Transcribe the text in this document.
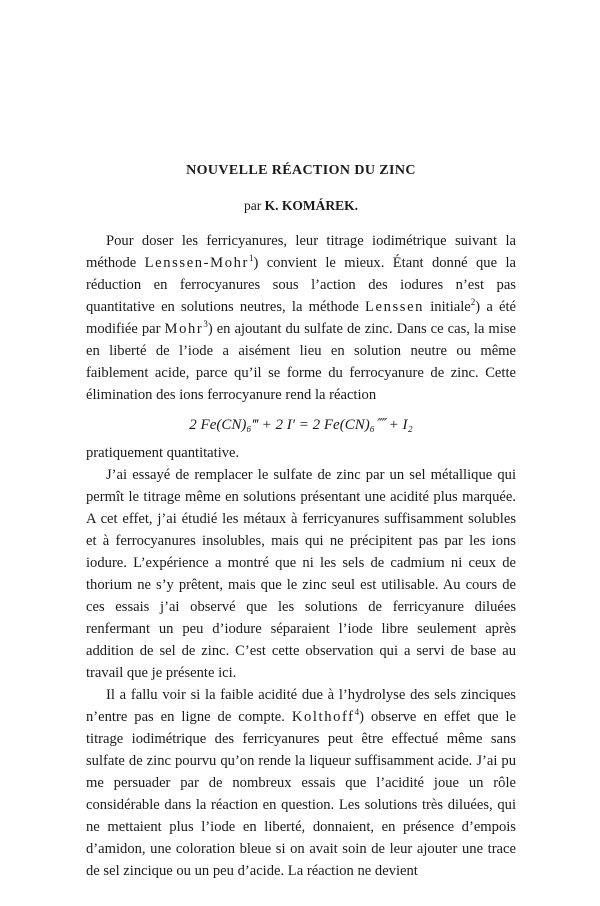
NOUVELLE RÉACTION DU ZINC
par K. KOMÁREK.

Pour doser les ferricyanures, leur titrage iodimétrique suivant la méthode Lenssen-Mohr$^1$) convient le mieux. Étant donné que la réduction en ferrocyanures sous l’action des iodures n’est pas quantitative en solutions neutres, la méthode Lenssen initiale$^2$) a été modifiée par Mohr$^3$) en ajoutant du sulfate de zinc. Dans ce cas, la mise en liberté de l’iode a aisément lieu en solution neutre ou même faiblement acide, parce qu’il se forme du ferrocyanure de zinc. Cette élimination des ions ferrocyanure rend la réaction

2 Fe(CN)₆‴ + 2 I′ = 2 Fe(CN)₆⁗ + I₂

pratiquement quantitative.

J’ai essayé de remplacer le sulfate de zinc par un sel métallique qui permît le titrage même en solutions présentant une acidité plus marquée. A cet effet, j’ai étudié les métaux à ferricyanures suffisamment solubles et à ferrocyanures insolubles, mais qui ne précipitent pas par les ions iodure. L’expérience a montré que ni les sels de cadmium ni ceux de thorium ne s’y prêtent, mais que le zinc seul est utilisable. Au cours de ces essais j’ai observé que les solutions de ferricyanure diluées renfermant un peu d’iodure séparaient l’iode libre seulement après addition de sel de zinc. C’est cette observation qui a servi de base au travail que je présente ici.

Il a fallu voir si la faible acidité due à l’hydrolyse des sels zinciques n’entre pas en ligne de compte. Kolthoff$^4$) observe en effet que le titrage iodimétrique des ferricyanures peut être effectué même sans sulfate de zinc pourvu qu’on rende la liqueur suffisamment acide. J’ai pu me persuader par de nombreux essais que l’acidité joue un rôle considérable dans la réaction en question. Les solutions très diluées, qui ne mettaient plus l’iode en liberté, donnaient, en présence d’empois d’amidon, une coloration bleue si on avait soin de leur ajouter une trace de sel zincique ou un peu d’acide. La réaction ne devient
